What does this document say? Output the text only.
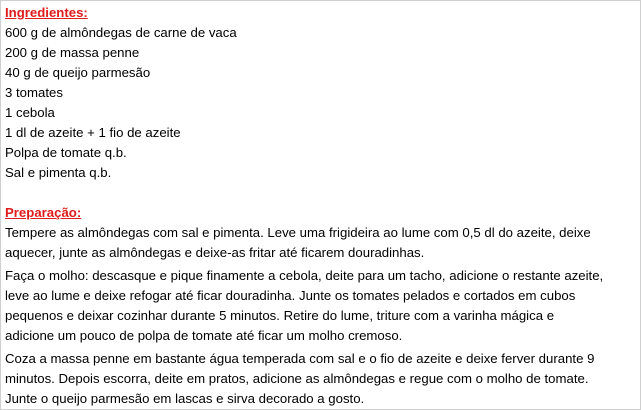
Ingredientes:
600 g de almôndegas de carne de vaca
200 g de massa penne
40 g de queijo parmesão
3 tomates
1 cebola
1 dl de azeite + 1 fio de azeite
Polpa de tomate q.b.
Sal e pimenta q.b.
Preparação:
Tempere as almôndegas com sal e pimenta. Leve uma frigideira ao lume com 0,5 dl do azeite, deixe
aquecer, junte as almôndegas e deixe-as fritar até ficarem douradinhas.
Faça o molho: descasque e pique finamente a cebola, deite para um tacho, adicione o restante azeite,
leve ao lume e deixe refogar até ficar douradinha. Junte os tomates pelados e cortados em cubos
pequenos e deixar cozinhar durante 5 minutos. Retire do lume, triture com a varinha mágica e
adicione um pouco de polpa de tomate até ficar um molho cremoso.
Coza a massa penne em bastante água temperada com sal e o fio de azeite e deixe ferver durante 9
minutos. Depois escorra, deite em pratos, adicione as almôndegas e regue com o molho de tomate.
Junte o queijo parmesão em lascas e sirva decorado a gosto.
